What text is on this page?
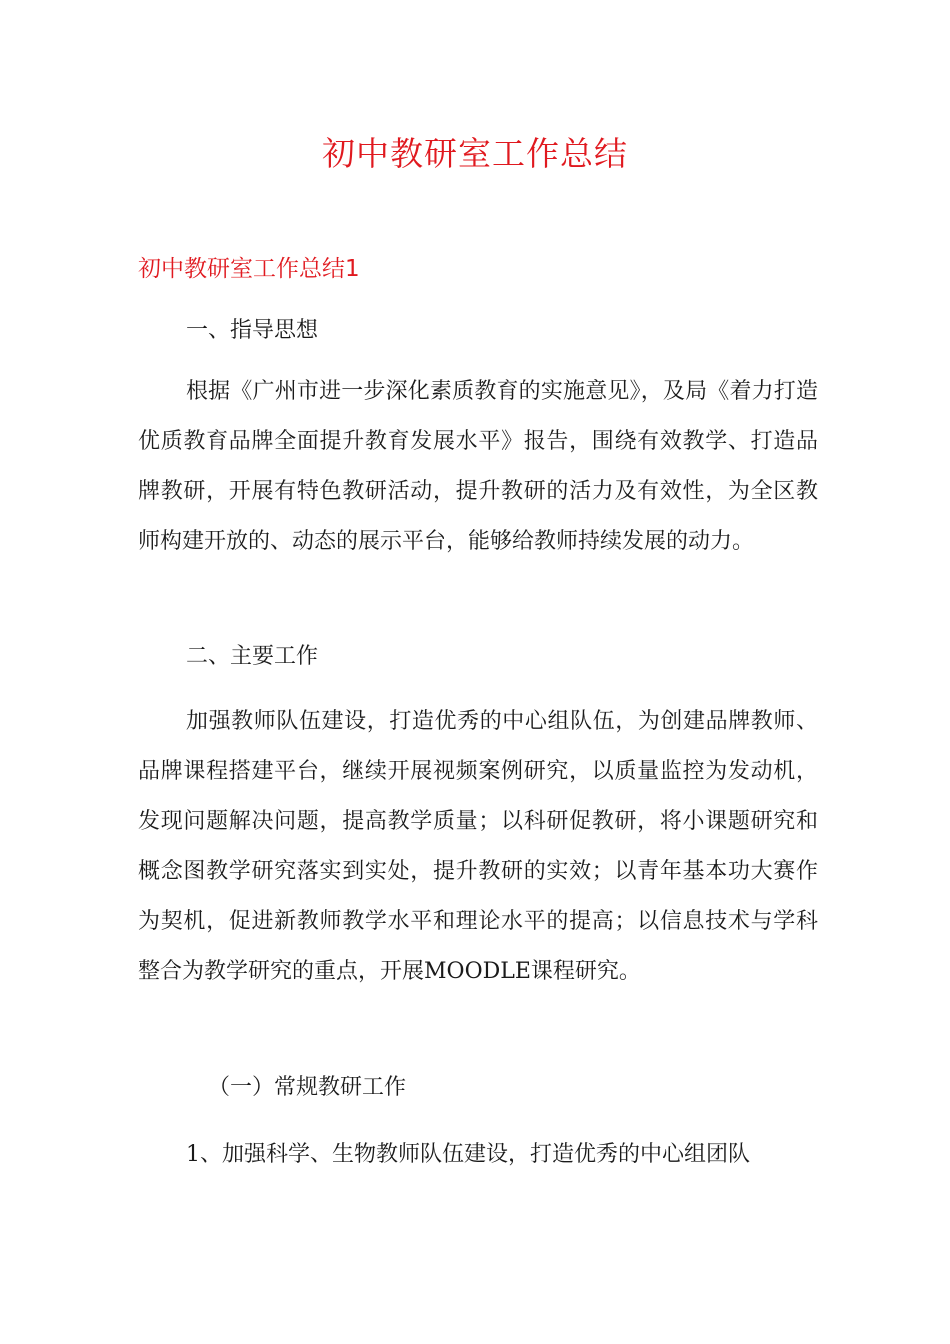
初中教研室工作总结
初中教研室工作总结1

一、指导思想

根据《广州市进一步深化素质教育的实施意见》，及局《着力打造优质教育品牌全面提升教育发展水平》报告，围绕有效教学、打造品牌教研，开展有特色教研活动，提升教研的活力及有效性，为全区教师构建开放的、动态的展示平台，能够给教师持续发展的动力。

二、主要工作

加强教师队伍建设，打造优秀的中心组队伍，为创建品牌教师、品牌课程搭建平台，继续开展视频案例研究，以质量监控为发动机，发现问题解决问题，提高教学质量；以科研促教研，将小课题研究和概念图教学研究落实到实处，提升教研的实效；以青年基本功大赛作为契机，促进新教师教学水平和理论水平的提高；以信息技术与学科整合为教学研究的重点，开展MOODLE课程研究。

（一）常规教研工作

1、加强科学、生物教师队伍建设，打造优秀的中心组团队
